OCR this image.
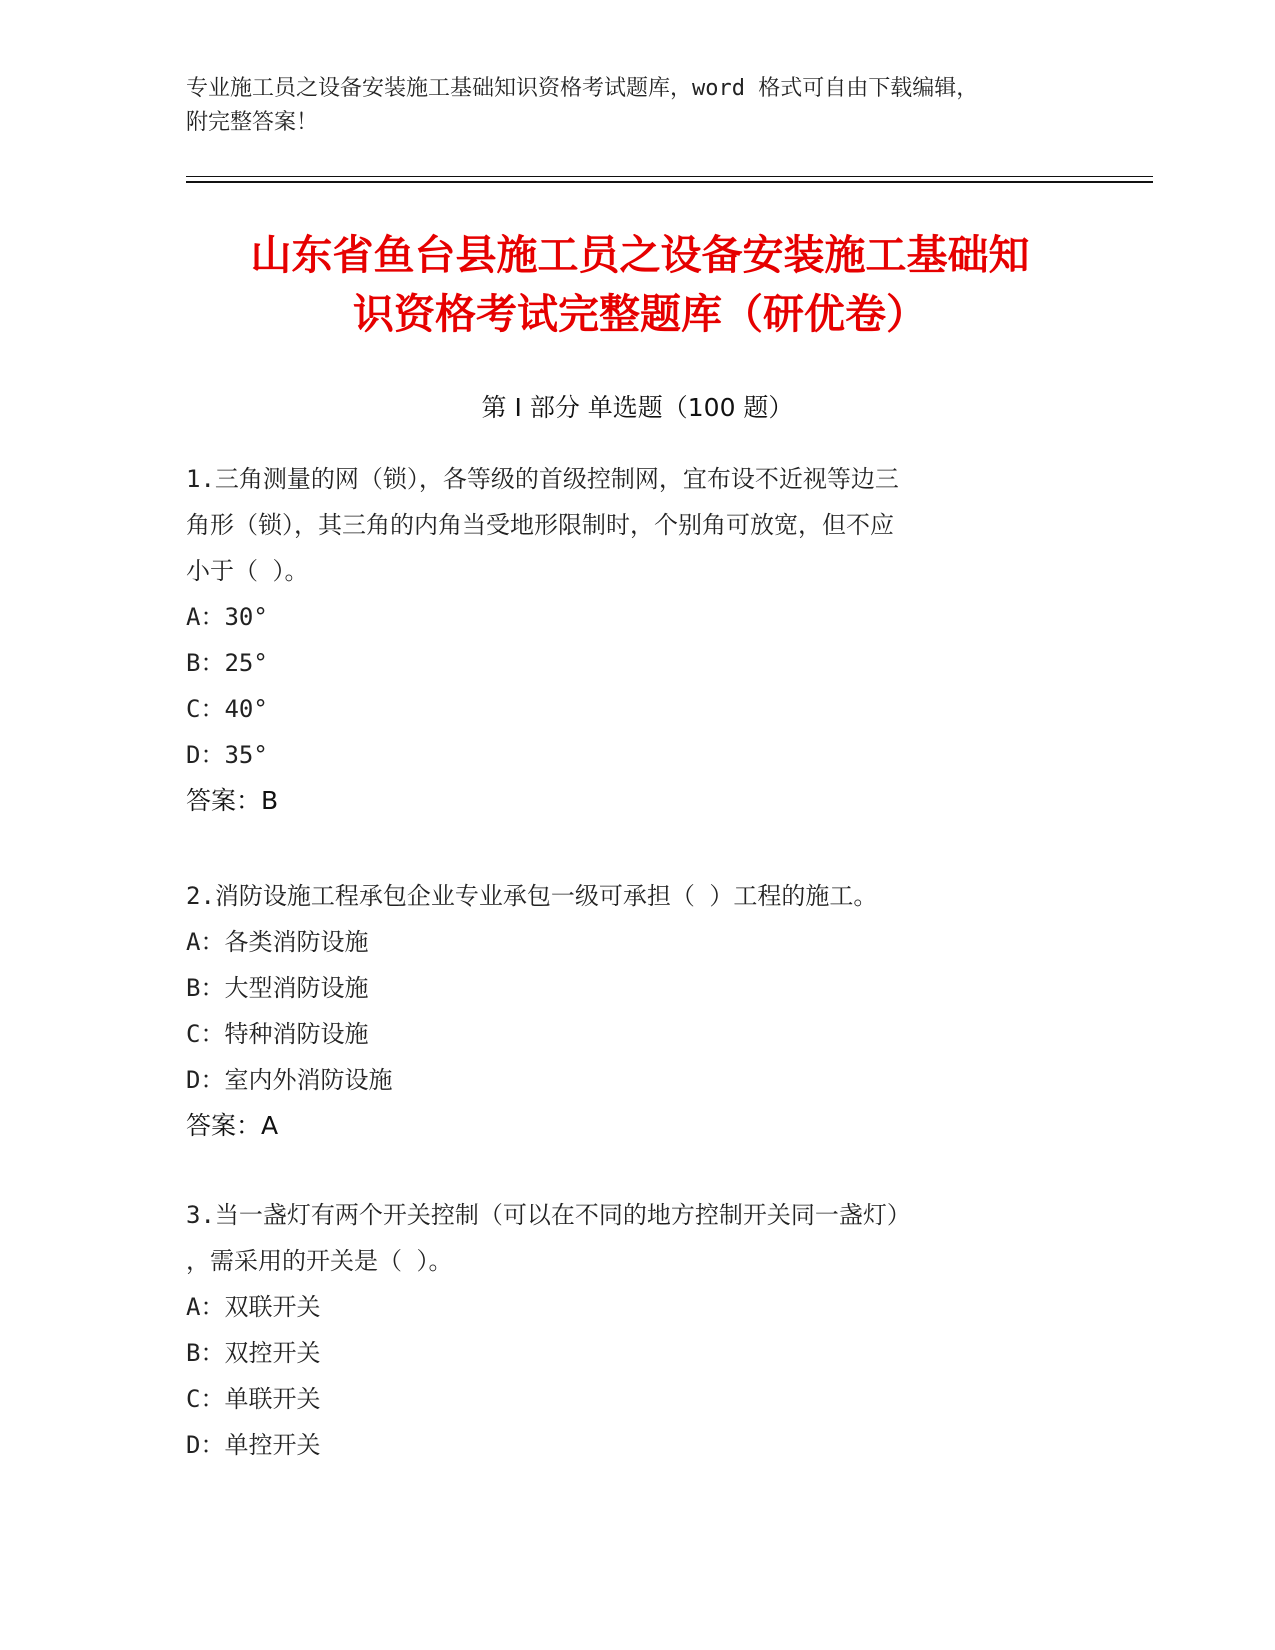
专业施工员之设备安装施工基础知识资格考试题库，word 格式可自由下载编辑，
附完整答案！
山东省鱼台县施工员之设备安装施工基础知
识资格考试完整题库（研优卷）
第 I 部分 单选题（100 题）
1.三角测量的网（锁），各等级的首级控制网，宜布设不近视等边三
角形（锁），其三角的内角当受地形限制时，个别角可放宽，但不应
小于（ ）。
A：30°
B：25°
C：40°
D：35°
答案：B
2.消防设施工程承包企业专业承包一级可承担（ ）工程的施工。
A：各类消防设施
B：大型消防设施
C：特种消防设施
D：室内外消防设施
答案：A
3.当一盏灯有两个开关控制（可以在不同的地方控制开关同一盏灯）
，需采用的开关是（ ）。
A：双联开关
B：双控开关
C：单联开关
D：单控开关
